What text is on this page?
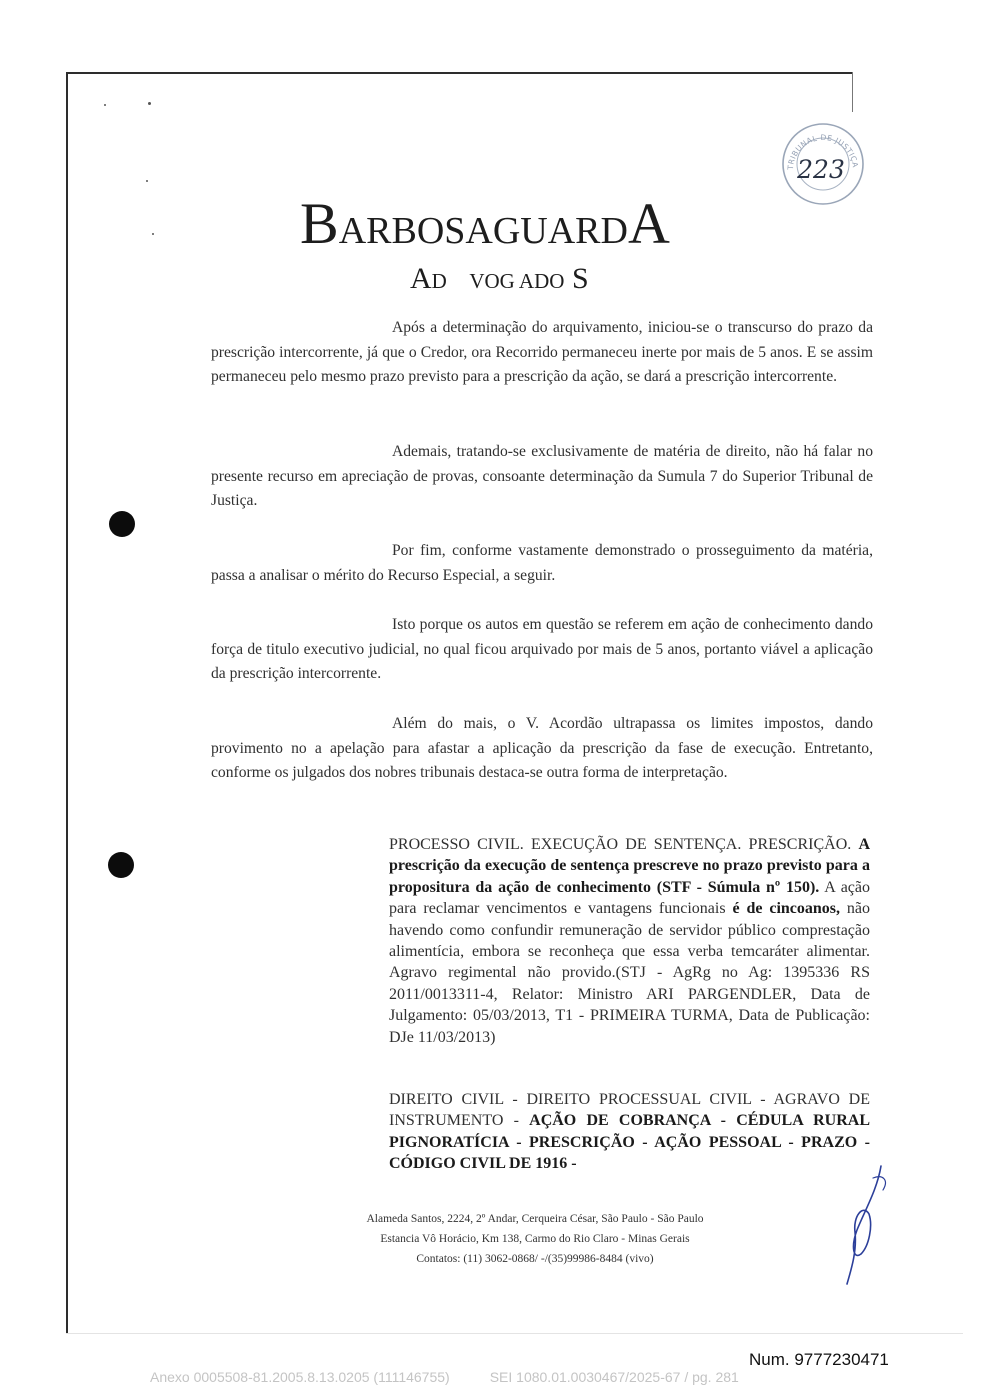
TRIBUNAL DE JUSTIÇA
223
BARBOSAGUARDA
AD VOG ADO S
Após a determinação do arquivamento, iniciou-se o transcurso do prazo da prescrição intercorrente, já que o Credor, ora Recorrido permaneceu inerte por mais de 5 anos. E se assim permaneceu pelo mesmo prazo previsto para a prescrição da ação, se dará a prescrição intercorrente.
Ademais, tratando-se exclusivamente de matéria de direito, não há falar no presente recurso em apreciação de provas, consoante determinação da Sumula 7 do Superior Tribunal de Justiça.
Por fim, conforme vastamente demonstrado o prosseguimento da matéria, passa a analisar o mérito do Recurso Especial, a seguir.
Isto porque os autos em questão se referem em ação de conhecimento dando força de titulo executivo judicial, no qual ficou arquivado por mais de 5 anos, portanto viável a aplicação da prescrição intercorrente.
Além do mais, o V. Acordão ultrapassa os limites impostos, dando provimento no a apelação para afastar a aplicação da prescrição da fase de execução. Entretanto, conforme os julgados dos nobres tribunais destaca-se outra forma de interpretação.
PROCESSO CIVIL. EXECUÇÃO DE SENTENÇA. PRESCRIÇÃO. A prescrição da execução de sentença prescreve no prazo previsto para a propositura da ação de conhecimento (STF - Súmula nº 150). A ação para reclamar vencimentos e vantagens funcionais é de cincoanos, não havendo como confundir remuneração de servidor público comprestação alimentícia, embora se reconheça que essa verba temcaráter alimentar. Agravo regimental não provido.(STJ - AgRg no Ag: 1395336 RS 2011/0013311-4, Relator: Ministro ARI PARGENDLER, Data de Julgamento: 05/03/2013, T1 - PRIMEIRA TURMA, Data de Publicação: DJe 11/03/2013)
DIREITO CIVIL - DIREITO PROCESSUAL CIVIL - AGRAVO DE INSTRUMENTO - AÇÃO DE COBRANÇA - CÉDULA RURAL PIGNORATÍCIA - PRESCRIÇÃO - AÇÃO PESSOAL - PRAZO - CÓDIGO CIVIL DE 1916 -
Alameda Santos, 2224, 2º Andar, Cerqueira César, São Paulo - São Paulo
Estancia Vô Horácio, Km 138, Carmo do Rio Claro - Minas Gerais
Contatos: (11) 3062-0868/ -/(35)99986-8484 (vivo)
Num. 9777230471
Anexo 0005508-81.2005.8.13.0205 (111146755)	SEI 1080.01.0030467/2025-67 / pg. 281
